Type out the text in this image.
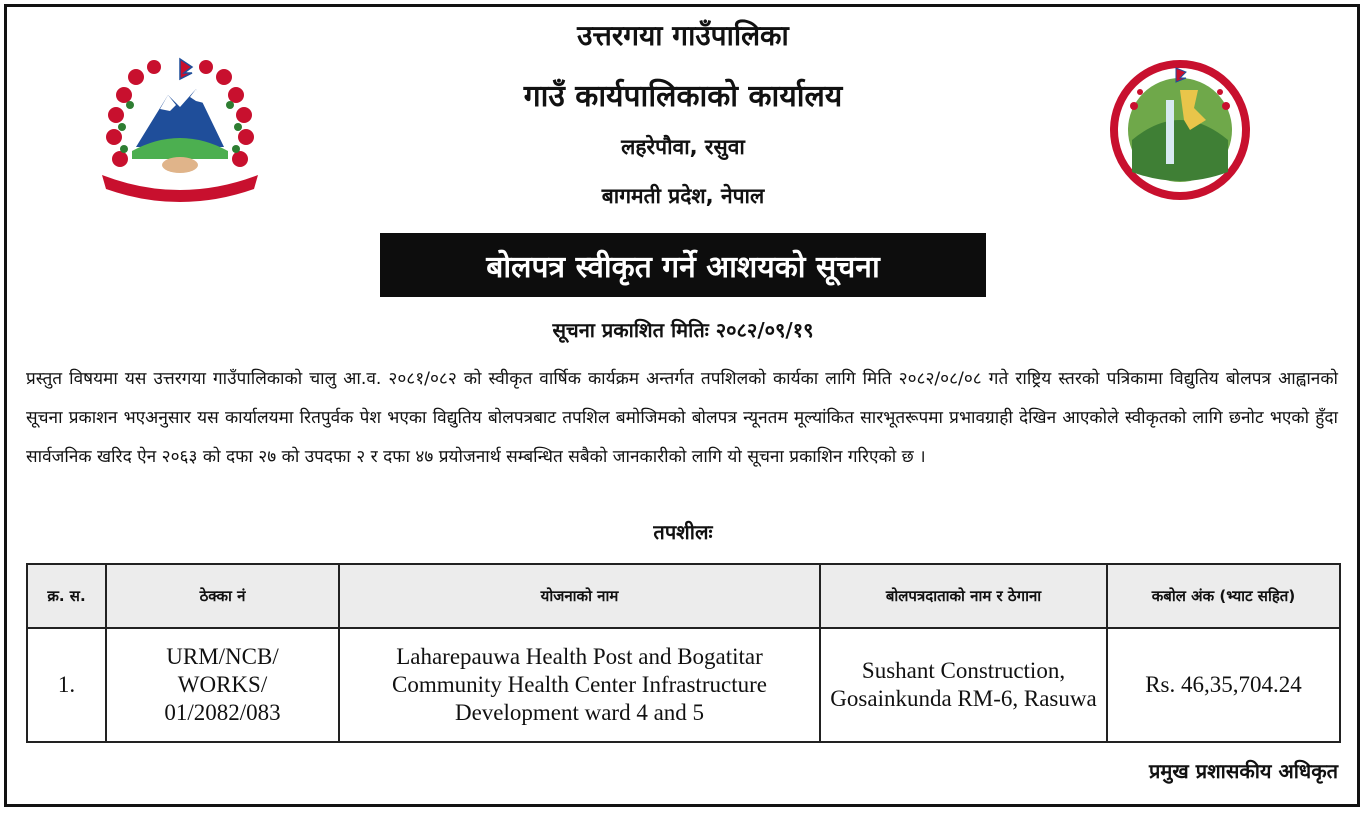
उत्तरगया गाउँपालिका
गाउँ कार्यपालिकाको कार्यालय
लहरेपौवा, रसुवा
बागमती प्रदेश, नेपाल
बोलपत्र स्वीकृत गर्ने आशयको सूचना
सूचना प्रकाशित मितिः २०८२/०९/१९
प्रस्तुत विषयमा यस उत्तरगया गाउँपालिकाको चालु आ.व. २०८१/०८२ को स्वीकृत वार्षिक कार्यक्रम अन्तर्गत तपशिलको कार्यका लागि मिति २०८२/०८/०८ गते राष्ट्रिय स्तरको पत्रिकामा विद्युतिय बोलपत्र आह्वानको सूचना प्रकाशन भएअनुसार यस कार्यालयमा रितपुर्वक पेश भएका विद्युतिय बोलपत्रबाट तपशिल बमोजिमको बोलपत्र न्यूनतम मूल्यांकित सारभूतरूपमा प्रभावग्राही देखिन आएकोले स्वीकृतको लागि छनोट भएको हुँदा सार्वजनिक खरिद ऐन २०६३ को दफा २७ को उपदफा २ र दफा ४७ प्रयोजनार्थ सम्बन्धित सबैको जानकारीको लागि यो सूचना प्रकाशिन गरिएको छ ।
तपशीलः
क्र. स.	ठेक्का नं	योजनाको नाम	बोलपत्रदाताको नाम र ठेगाना	कबोल अंक (भ्याट सहित)
1.	URM/NCB/ WORKS/ 01/2082/083	Laharepauwa Health Post and Bogatitar Community Health Center Infrastructure Development ward 4 and 5	Sushant Construction, Gosainkunda RM-6, Rasuwa	Rs. 46,35,704.24
प्रमुख प्रशासकीय अधिकृत
